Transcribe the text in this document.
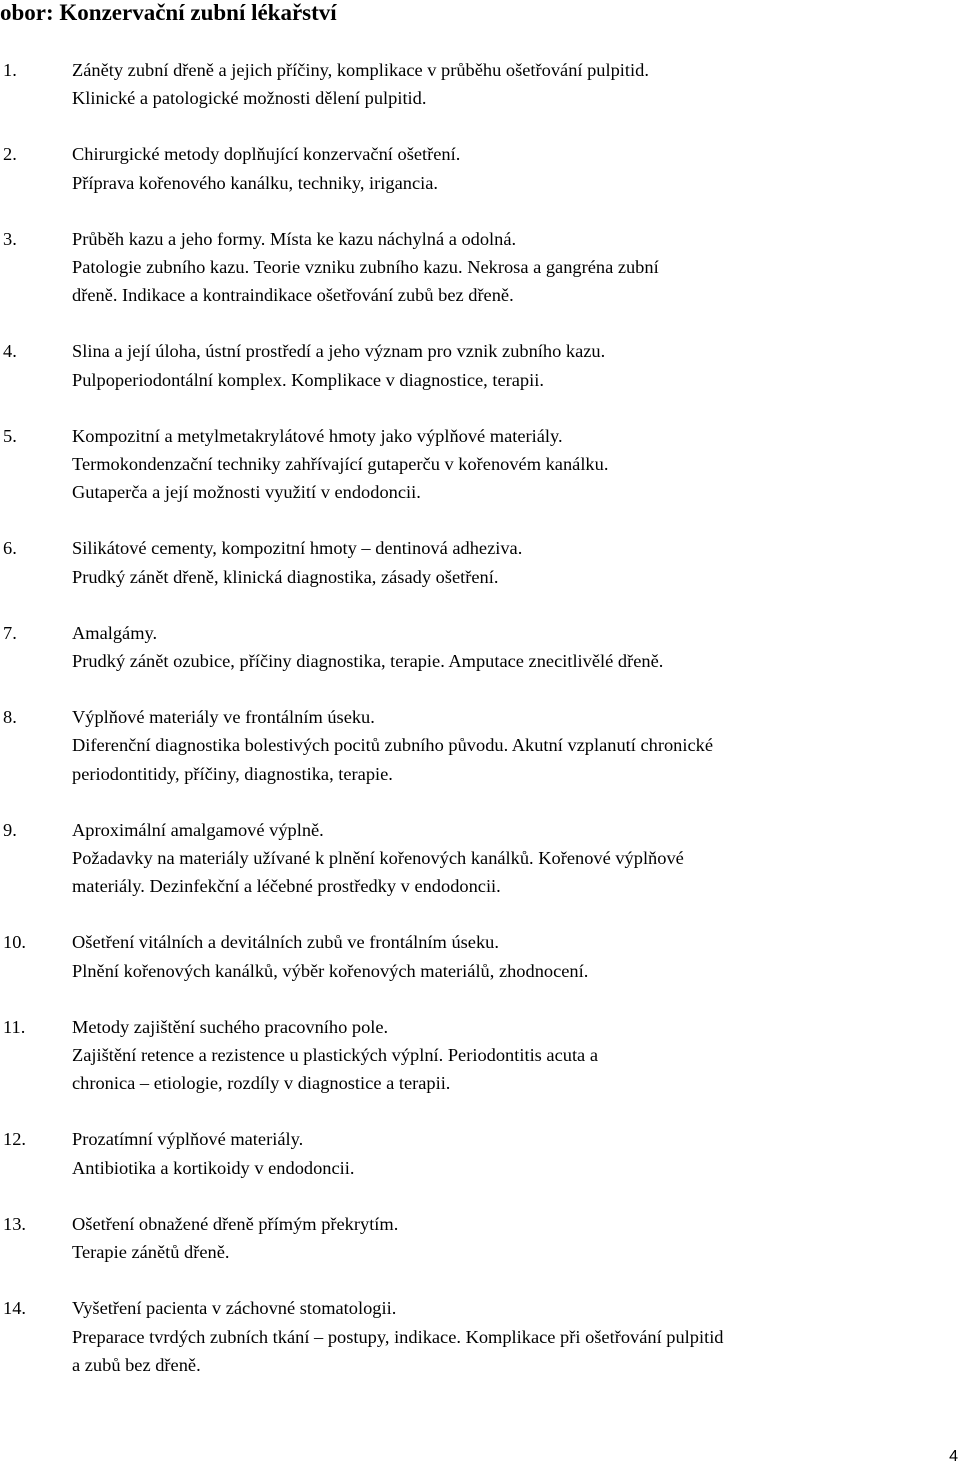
obor: Konzervační zubní lékařství
1.	Záněty zubní dřeně a jejich příčiny, komplikace v průběhu ošetřování pulpitid.
Klinické a patologické možnosti dělení pulpitid.
2.	Chirurgické metody doplňující konzervační ošetření.
Příprava kořenového kanálku, techniky, irigancia.
3.	Průběh kazu a jeho formy. Místa ke kazu náchylná a odolná.
Patologie zubního kazu. Teorie vzniku zubního kazu. Nekrosa a gangréna zubní
dřeně. Indikace a kontraindikace ošetřování zubů bez dřeně.
4.	Slina a její úloha, ústní prostředí a jeho význam pro vznik zubního kazu.
Pulpoperiodontální komplex. Komplikace v diagnostice, terapii.
5.	Kompozitní a metylmetakrylátové hmoty jako výplňové materiály.
Termokondenzační techniky zahřívající gutaperču v kořenovém kanálku.
Gutaperča a její možnosti využití v endodoncii.
6.	Silikátové cementy, kompozitní hmoty – dentinová adheziva.
Prudký zánět dřeně, klinická diagnostika, zásady ošetření.
7.	Amalgámy.
Prudký zánět ozubice, příčiny diagnostika, terapie. Amputace znecitlivělé dřeně.
8.	Výplňové materiály ve frontálním úseku.
Diferenční diagnostika bolestivých pocitů zubního původu. Akutní vzplanutí chronické
periodontitidy, příčiny, diagnostika, terapie.
9.	Aproximální amalgamové výplně.
Požadavky na materiály užívané k plnění kořenových kanálků. Kořenové výplňové
materiály. Dezinfekční a léčebné prostředky v endodoncii.
10.	Ošetření vitálních a devitálních zubů ve frontálním úseku.
Plnění kořenových kanálků, výběr kořenových materiálů, zhodnocení.
11.	Metody zajištění suchého pracovního pole.
Zajištění retence a rezistence u plastických výplní. Periodontitis acuta a
chronica – etiologie, rozdíly v diagnostice a terapii.
12.	Prozatímní výplňové materiály.
Antibiotika a kortikoidy v endodoncii.
13.	Ošetření obnažené dřeně přímým překrytím.
Terapie zánětů dřeně.
14.	Vyšetření pacienta v záchovné stomatologii.
Preparace tvrdých zubních tkání – postupy, indikace. Komplikace při ošetřování pulpitid
a zubů bez dřeně.
4
